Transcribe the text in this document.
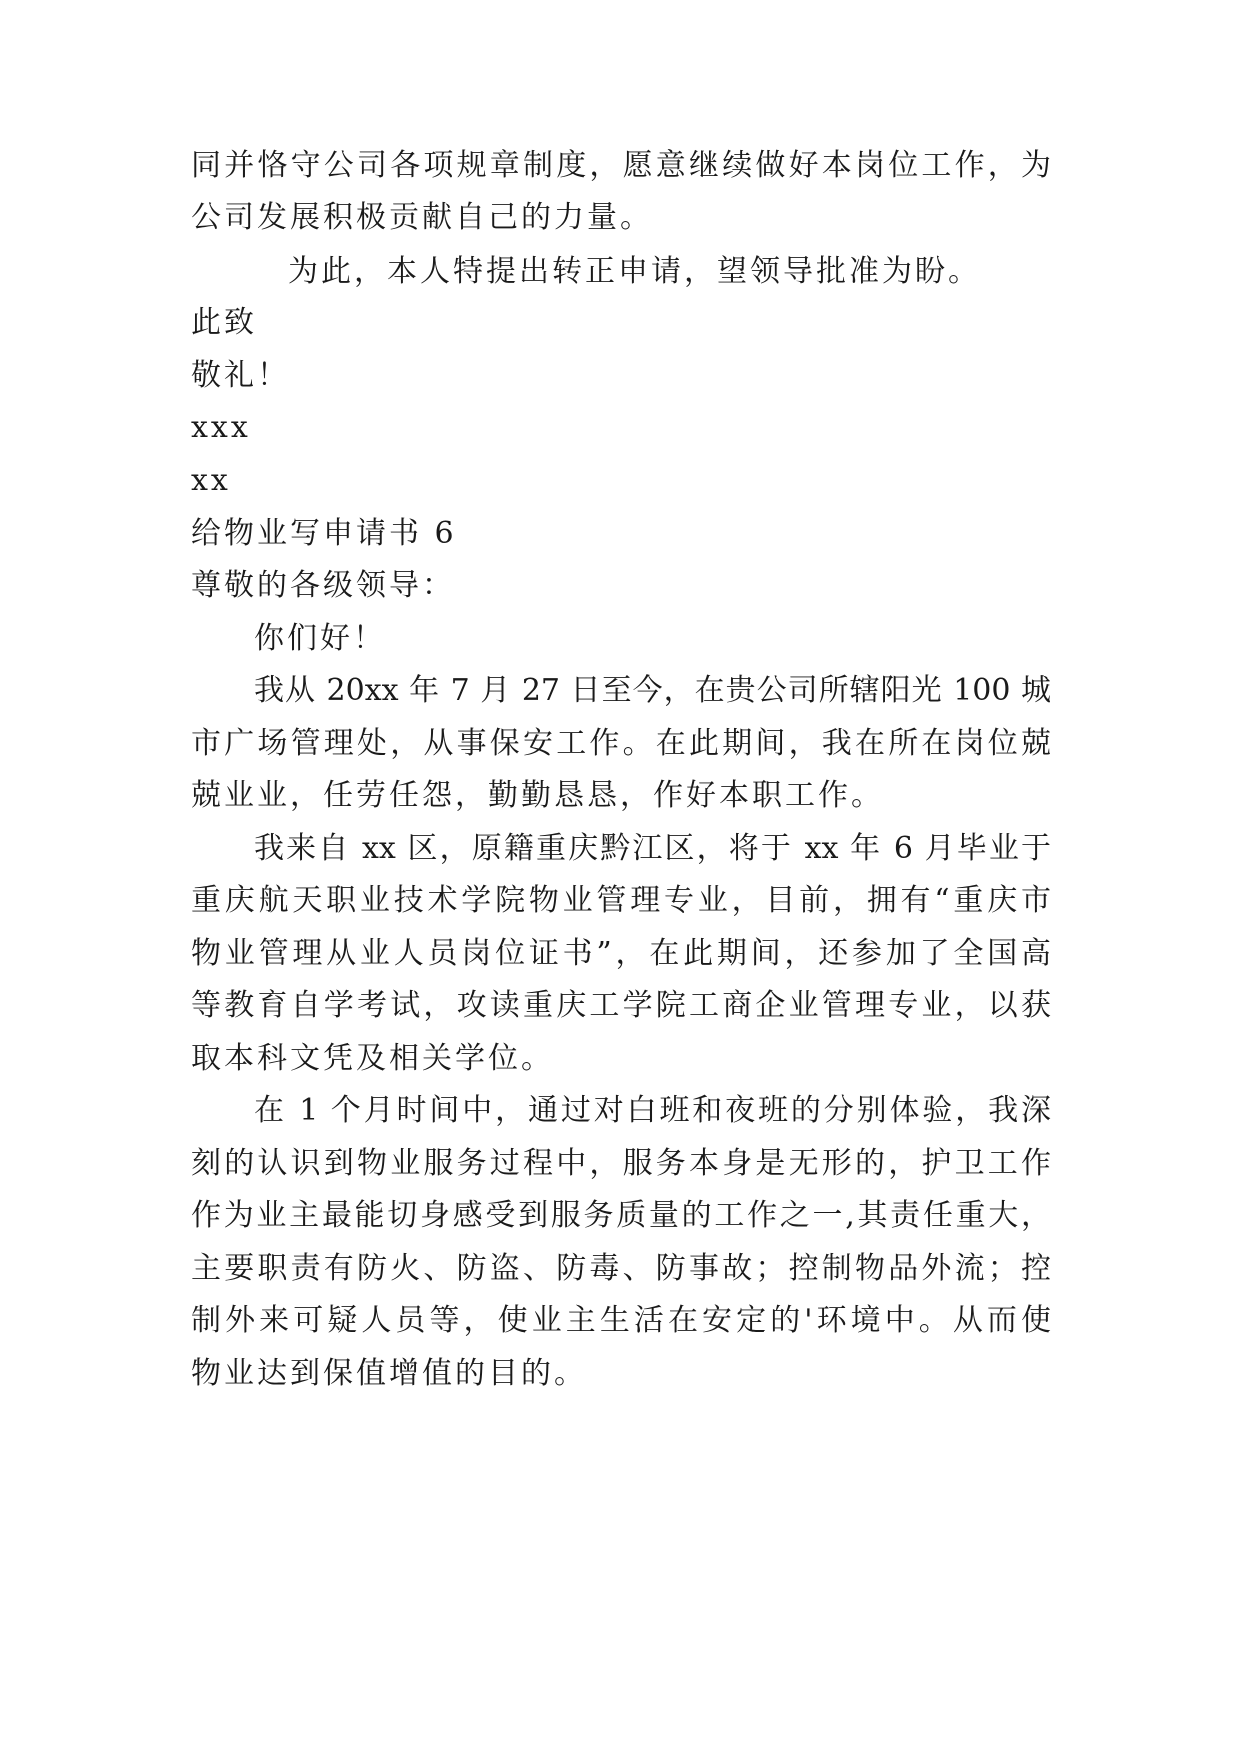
同并恪守公司各项规章制度，愿意继续做好本岗位工作，为
公司发展积极贡献自己的力量。
为此，本人特提出转正申请，望领导批准为盼。
此致
敬礼！
xxx
xx
给物业写申请书 6
尊敬的各级领导：
你们好！
我从 20xx 年 7 月 27 日至今，在贵公司所辖阳光 100 城
市广场管理处，从事保安工作。在此期间，我在所在岗位兢
兢业业，任劳任怨，勤勤恳恳，作好本职工作。
我来自 xx 区，原籍重庆黔江区，将于 xx 年 6 月毕业于
重庆航天职业技术学院物业管理专业，目前，拥有“重庆市
物业管理从业人员岗位证书”，在此期间，还参加了全国高
等教育自学考试，攻读重庆工学院工商企业管理专业，以获
取本科文凭及相关学位。
在 1 个月时间中，通过对白班和夜班的分别体验，我深
刻的认识到物业服务过程中，服务本身是无形的，护卫工作
作为业主最能切身感受到服务质量的工作之一,其责任重大，
主要职责有防火、防盗、防毒、防事故；控制物品外流；控
制外来可疑人员等，使业主生活在安定的'环境中。从而使
物业达到保值增值的目的。
